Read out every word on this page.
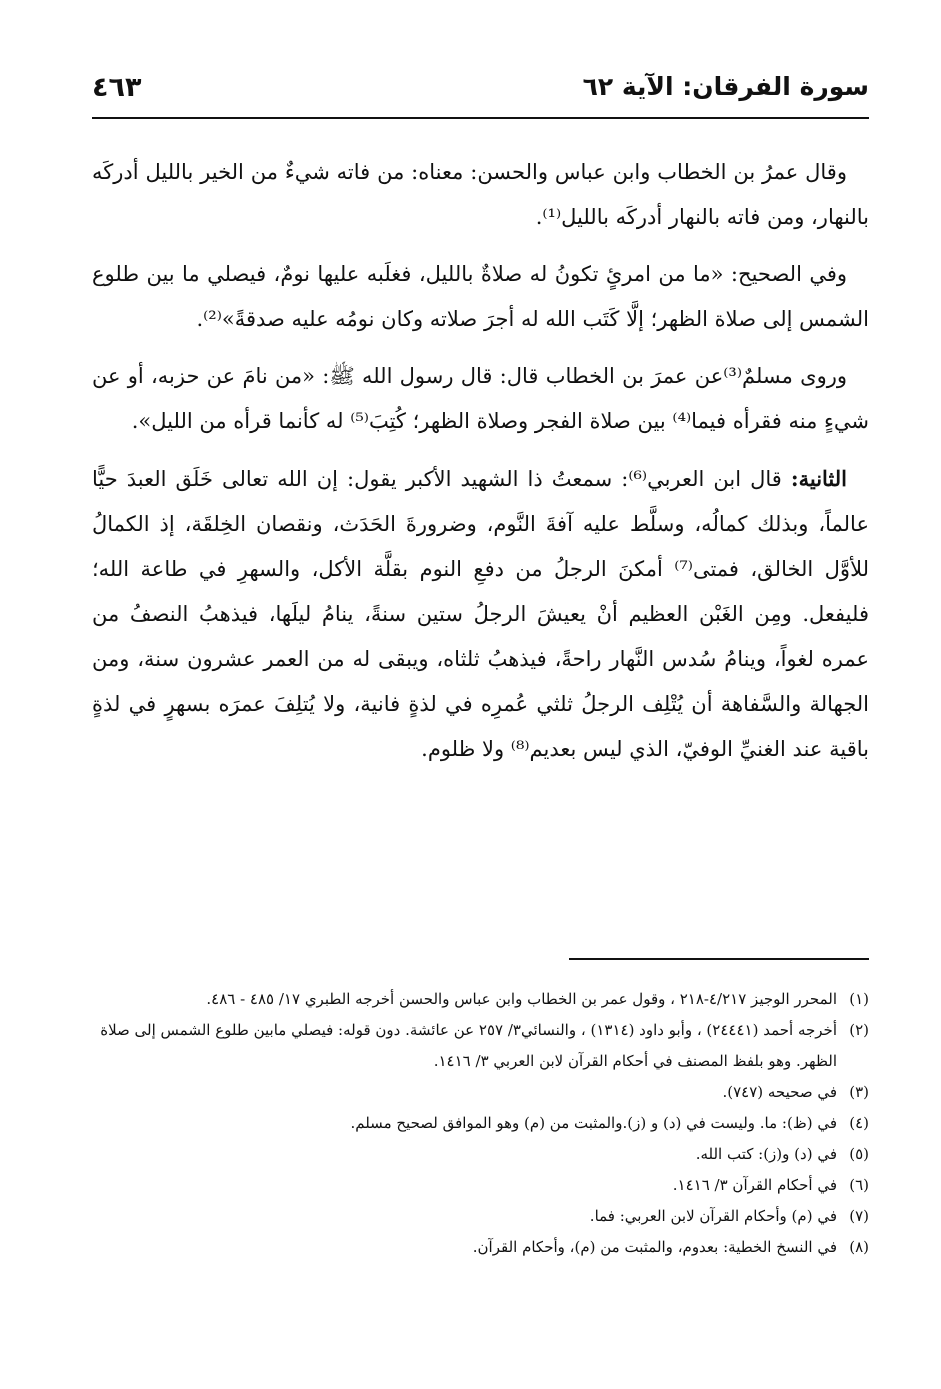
سورة الفرقان: الآية ٦٢
٤٦٣

وقال عمرُ بن الخطاب وابن عباس والحسن: معناه: من فاته شيءٌ من الخير بالليل أدركَه بالنهار، ومن فاته بالنهار أدركَه بالليل⁽¹⁾.

وفي الصحيح: «ما من امرئٍ تكونُ له صلاةٌ بالليل، فغلَبه عليها نومٌ، فيصلي ما بين طلوع الشمس إلى صلاة الظهر؛ إلَّا كَتَب الله له أجرَ صلاته وكان نومُه عليه صدقةً»⁽²⁾.

وروى مسلمٌ⁽³⁾عن عمرَ بن الخطاب قال: قال رسول الله ﷺ: «من نامَ عن حزبه، أو عن شيءٍ منه فقرأه فيما⁽⁴⁾ بين صلاة الفجر وصلاة الظهر؛ كُتِبَ⁽⁵⁾ له كأنما قرأه من الليل».

الثانية: قال ابن العربي⁽⁶⁾: سمعتُ ذا الشهيد الأكبر يقول: إن الله تعالى خَلَق العبدَ حيًّا عالماً، وبذلك كمالُه، وسلَّط عليه آفةَ النَّوم، وضرورةَ الحَدَث، ونقصان الخِلقَة، إذ الكمالُ للأوَّل الخالق، فمتى⁽⁷⁾ أمكنَ الرجلُ من دفعِ النوم بقلَّة الأكل، والسهرِ في طاعة الله؛ فليفعل. ومِن الغَبْن العظيم أنْ يعيشَ الرجلُ ستين سنةً، ينامُ ليلَها، فيذهبُ النصفُ من عمره لغواً، وينامُ سُدس النَّهار راحةً، فيذهبُ ثلثاه، ويبقى له من العمر عشرون سنة، ومن الجهالة والسَّفاهة أن يُتْلِف الرجلُ ثلثي عُمرِه في لذةٍ فانية، ولا يُتلِفَ عمرَه بسهرٍ في لذةٍ باقية عند الغنيِّ الوفيّ، الذي ليس بعديم⁽⁸⁾ ولا ظلوم.

(١)
المحرر الوجيز ٤/٢١٧-٢١٨ ، وقول عمر بن الخطاب وابن عباس والحسن أخرجه الطبري ١٧/ ٤٨٥ - ٤٨٦.

(٢)
أخرجه أحمد (٢٤٤٤١) ، وأبو داود (١٣١٤) ، والنسائي٣/ ٢٥٧ عن عائشة. دون قوله: فيصلي مابين طلوع الشمس إلى صلاة الظهر. وهو بلفظ المصنف في أحكام القرآن لابن العربي ٣/ ١٤١٦.

(٣)
في صحيحه (٧٤٧).

(٤)
في (ظ): ما. وليست في (د) و (ز).والمثبت من (م) وهو الموافق لصحيح مسلم.

(٥)
في (د) و(ز): كتب الله.

(٦)
في أحكام القرآن ٣/ ١٤١٦.

(٧)
في (م) وأحكام القرآن لابن العربي: فما.

(٨)
في النسخ الخطية: بعدوم، والمثبت من (م)، وأحكام القرآن.
